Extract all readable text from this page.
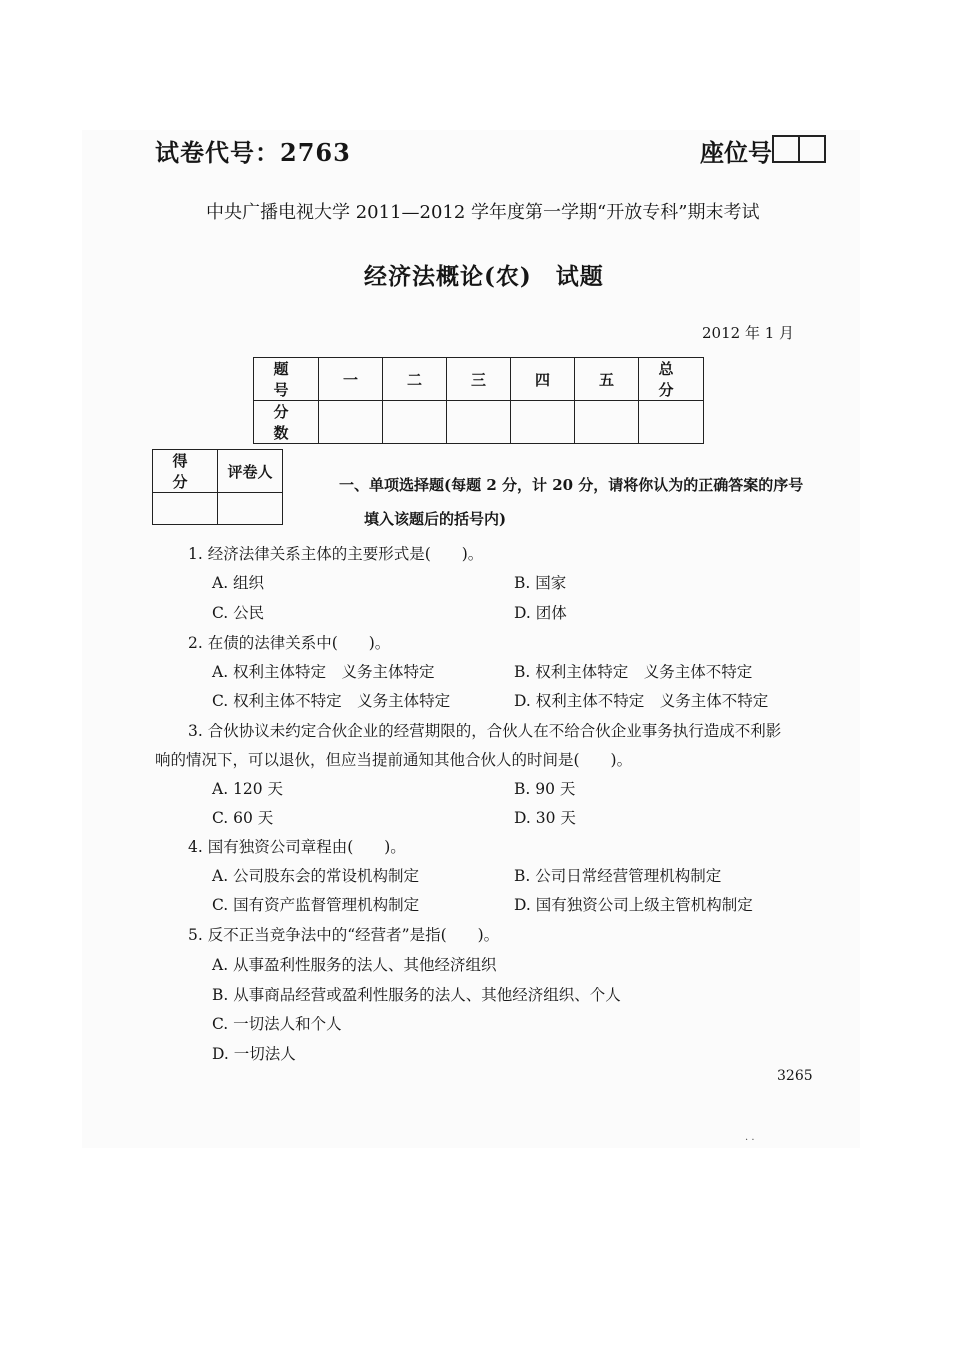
试卷代号：2763	座位号
中央广播电视大学 2011—2012 学年度第一学期“开放专科”期末考试
经济法概论(农)　试题
2012 年 1 月
题　号	一	二	三	四	五	总　分
分　数						
得　分	评卷人

一、单项选择题(每题 2 分，计 20 分，请将你认为的正确答案的序号
填入该题后的括号内)
1. 经济法律关系主体的主要形式是(　　)。
A. 组织	B. 国家
C. 公民	D. 团体
2. 在债的法律关系中(　　)。
A. 权利主体特定　义务主体特定	B. 权利主体特定　义务主体不特定
C. 权利主体不特定　义务主体特定	D. 权利主体不特定　义务主体不特定
3. 合伙协议未约定合伙企业的经营期限的，合伙人在不给合伙企业事务执行造成不利影
响的情况下，可以退伙，但应当提前通知其他合伙人的时间是(　　)。
A. 120 天	B. 90 天
C. 60 天	D. 30 天
4. 国有独资公司章程由(　　)。
A. 公司股东会的常设机构制定	B. 公司日常经营管理机构制定
C. 国有资产监督管理机构制定	D. 国有独资公司上级主管机构制定
5. 反不正当竞争法中的“经营者”是指(　　)。
A. 从事盈利性服务的法人、其他经济组织
B. 从事商品经营或盈利性服务的法人、其他经济组织、个人
C. 一切法人和个人
D. 一切法人
3265
· ·
